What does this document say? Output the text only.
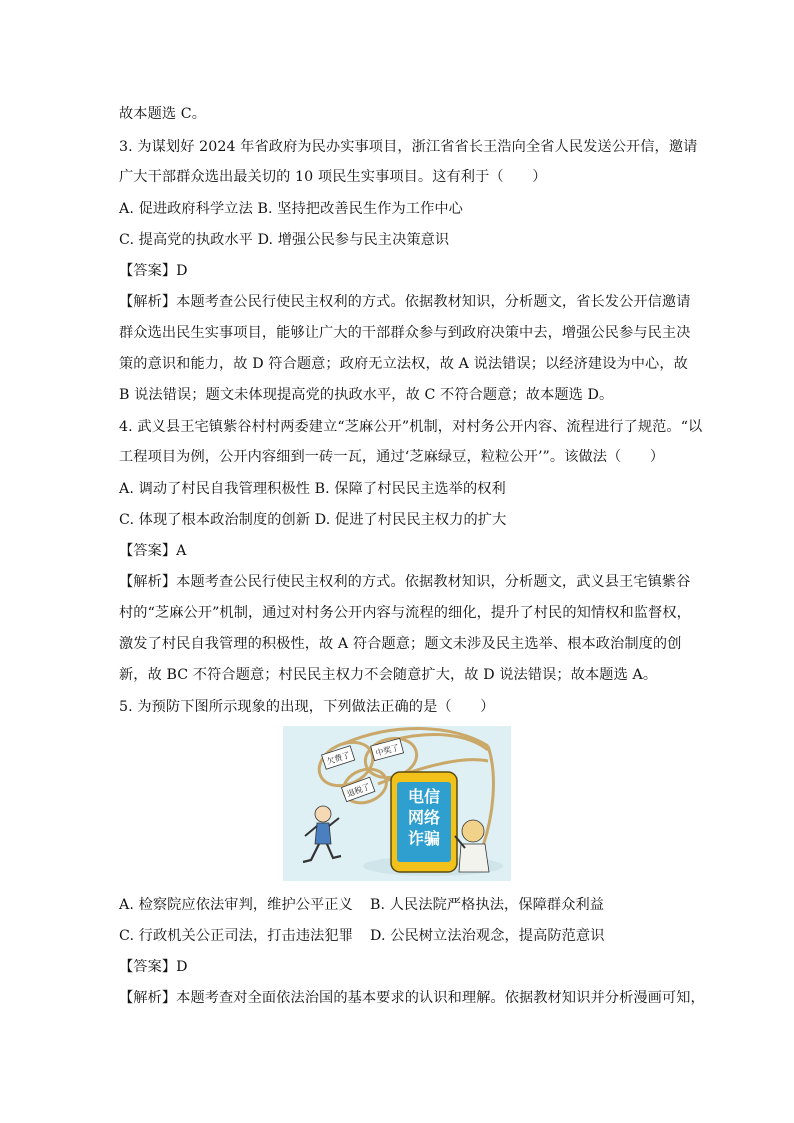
故本题选 C。
3. 为谋划好 2024 年省政府为民办实事项目，浙江省省长王浩向全省人民发送公开信，邀请
广大干部群众选出最关切的 10 项民生实事项目。这有利于（　　）
A. 促进政府科学立法 B. 坚持把改善民生作为工作中心
C. 提高党的执政水平 D. 增强公民参与民主决策意识
【答案】D
【解析】本题考查公民行使民主权利的方式。依据教材知识，分析题文，省长发公开信邀请
群众选出民生实事项目，能够让广大的干部群众参与到政府决策中去，增强公民参与民主决
策的意识和能力，故 D 符合题意；政府无立法权，故 A 说法错误；以经济建设为中心，故
B 说法错误；题文未体现提高党的执政水平，故 C 不符合题意；故本题选 D。
4. 武义县王宅镇紫谷村村两委建立“芝麻公开”机制，对村务公开内容、流程进行了规范。“以
工程项目为例，公开内容细到一砖一瓦，通过‘芝麻绿豆，粒粒公开’”。该做法（　　）
A. 调动了村民自我管理积极性 B. 保障了村民民主选举的权利
C. 体现了根本政治制度的创新 D. 促进了村民民主权力的扩大
【答案】A
【解析】本题考查公民行使民主权利的方式。依据教材知识，分析题文，武义县王宅镇紫谷
村的“芝麻公开”机制，通过对村务公开内容与流程的细化，提升了村民的知情权和监督权，
激发了村民自我管理的积极性，故 A 符合题意；题文未涉及民主选举、根本政治制度的创
新，故 BC 不符合题意；村民民主权力不会随意扩大，故 D 说法错误；故本题选 A。
5. 为预防下图所示现象的出现，下列做法正确的是（　　）
欠费了	中奖了
退税了 电信
网络
诈骗
A. 检察院应依法审判，维护公平正义 B. 人民法院严格执法，保障群众利益
C. 行政机关公正司法，打击违法犯罪 D. 公民树立法治观念，提高防范意识
【答案】D
【解析】本题考查对全面依法治国的基本要求的认识和理解。依据教材知识并分析漫画可知，
